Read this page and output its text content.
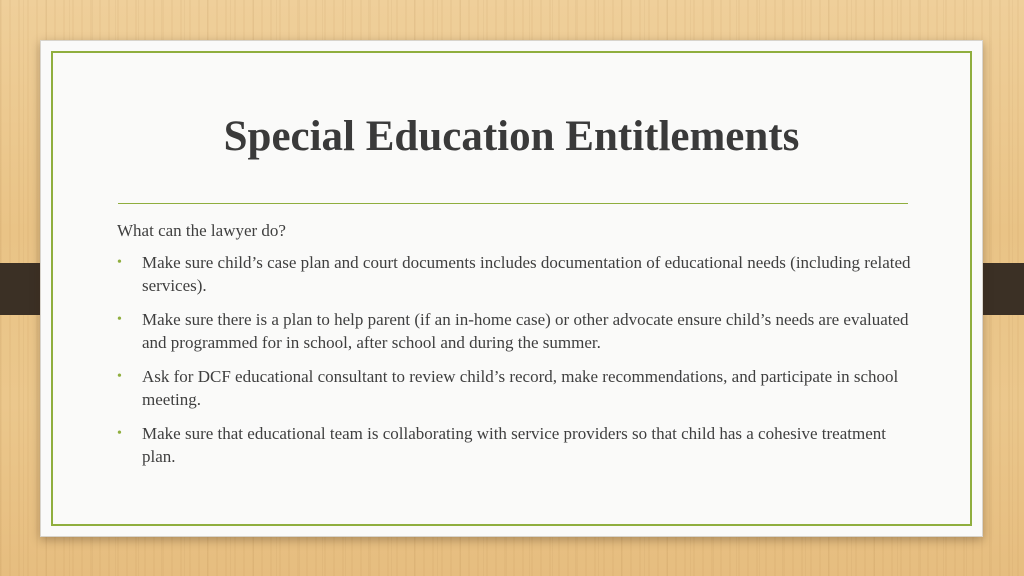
Special Education Entitlements

What can the lawyer do?

• Make sure child’s case plan and court documents includes documentation of educational needs (including related services).
• Make sure there is a plan to help parent (if an in-home case) or other advocate ensure child’s needs are evaluated and programmed for in school, after school and during the summer.
• Ask for DCF educational consultant to review child’s record, make recommendations, and participate in school meeting.
• Make sure that educational team is collaborating with service providers so that child has a cohesive treatment plan.
